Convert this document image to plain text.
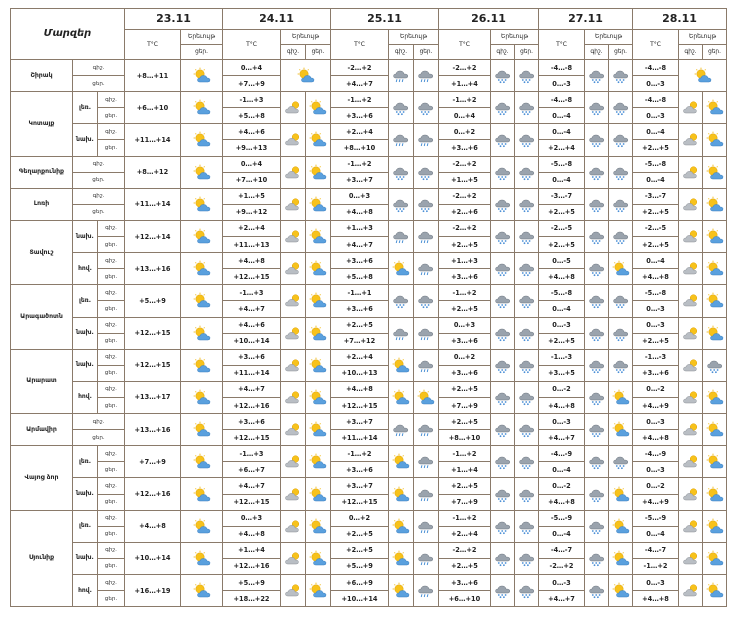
Մարզեր			23.11		24.11			25.11			26.11			27.11			28.11		
			T°C	Երեւույթ	T°C	Երեւույթ		T°C	Երեւույթ		T°C	Երեւույթ		T°C	Երեւույթ		T°C	Երեւույթ	
				ցեր.		գիշ.	ցեր.		գիշ.	ցեր.		գիշ.	ցեր.		գիշ.	ցեր.		գիշ.	ցեր.
Շիրակ	գիշ.		+8…+11		0…+4			-2…+2			-2…+2			-4…-8			-4…-8	

	ցեր.				+7…+9			+4…+7			+1…+4			0…-3			0…-3		
Կոտայք	լեռ.	գիշ.	+6…+10		-1…+3			-1…+2			-1…+2			-4…-8			-4…-8	

		ցեր.			+5…+8			+3…+6			0…+4			0…-4			0…-3		
	նախ.	գիշ.	+11…+14		+4…+6			+2…+4			0…+2			0…-4			0…-4	

		ցեր.			+9…+13			+8…+10			+3…+6			+2…+4			+2…+5		
Գեղարքունիք	գիշ.		+8…+12		0…+4			-1…+2			-2…+2			-5…-8			-5…-8	

	ցեր.				+7…+10			+3…+7			+1…+5			0…-4			0…-4		
Լոռի	գիշ.		+11…+14		+1…+5			0…+3			-2…+2			-3…-7			-3…-7	

	ցեր.				+9…+12			+4…+8			+2…+6			+2…+5			+2…+5		
Տավուշ	նախ.	գիշ.	+12…+14		+2…+4			+1…+3			-2…+2			-2…-5			-2…-5	

		ցեր.			+11…+13			+4…+7			+2…+5			+2…+5			+2…+5		
	հով.	գիշ.	+13…+16		+4…+8			+3…+6			+1…+3			0…-5			0…-4	

		ցեր.			+12…+15			+5…+8			+3…+6			+4…+8			+4…+8		
Արագածոտն	լեռ.	գիշ.	+5…+9		-1…+3			-1…+1			-1…+2			-5…-8			-5…-8	

		ցեր.			+4…+7			+3…+6			+2…+5			0…-4			0…-3		
	նախ.	գիշ.	+12…+15		+4…+6			+2…+5			0…+3			0…-3			0…-3	

		ցեր.			+10…+14			+7…+12			+3…+6			+2…+5			+2…+5		
Արարատ	նախ.	գիշ.	+12…+15		+3…+6			+2…+4			0…+2			-1…-3			-1…-3	

		ցեր.			+11…+14			+10…+13			+3…+6			+3…+5			+3…+6		
	հով.	գիշ.	+13…+17		+4…+7			+4…+8			+2…+5			0…-2			0…-2	

		ցեր.			+12…+16			+12…+15			+7…+9			+4…+8			+4…+9		
Արմավիր	գիշ.		+13…+16		+3…+6			+3…+7			+2…+5			0…-3			0…-3	

	ցեր.				+12…+15			+11…+14			+8…+10			+4…+7			+4…+8		
Վայոց ձոր	լեռ.	գիշ.	+7…+9		-1…+3			-1…+2			-1…+2			-4…-9			-4…-9	

		ցեր.			+6…+7			+3…+6			+1…+4			0…-4			0…-3		
	նախ.	գիշ.	+12…+16		+4…+7			+3…+7			+2…+5			0…-2			0…-2	

		ցեր.			+12…+15			+12…+15			+7…+9			+4…+8			+4…+9		
Սյունիք	լեռ.	գիշ.	+4…+8		0…+3			0…+2			-1…+2			-5…-9			-5…-9	

		ցեր.			+4…+8			+2…+5			+2…+4			0…-4			0…-4		
	նախ.	գիշ.	+10…+14		+1…+4			+2…+5			-2…+2			-4…-7			-4…-7	

		ցեր.			+12…+16			+5…+9			+2…+5			-2…+2			-1…+2		
	հով.	գիշ.	+16…+19		+5…+9			+6…+9			+3…+6			0…-3			0…-3	

		ցեր.			+18…+22			+10…+14			+6…+10			+4…+7			+4…+8		
